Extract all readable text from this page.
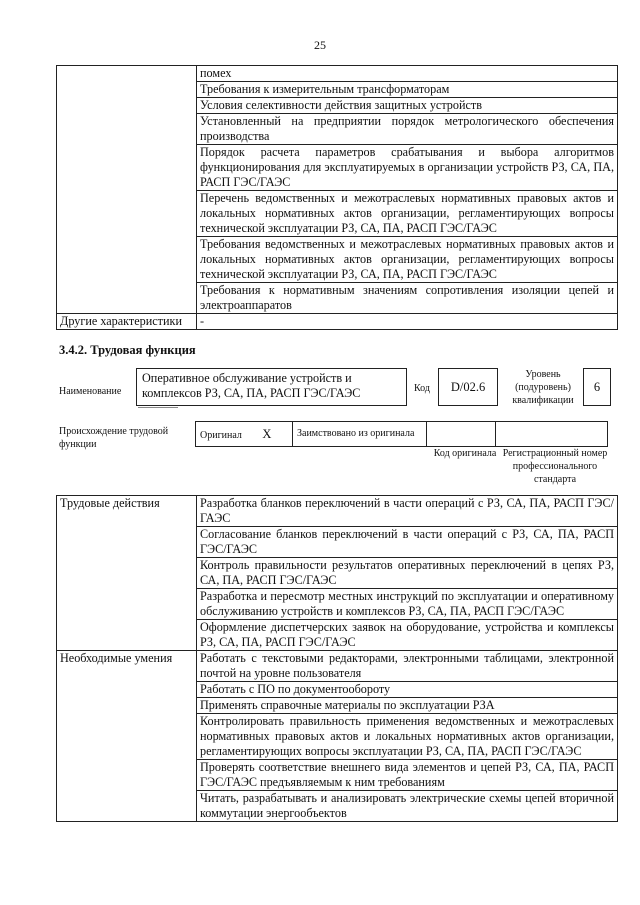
25
	помех
	Требования к измерительным трансформаторам
	Условия селективности действия защитных устройств
	Установленный на предприятии порядок метрологического обеспечения производства
	Порядок расчета параметров срабатывания и выбора алгоритмов функционирования для эксплуатируемых в организации устройств РЗ, СА, ПА, РАСП ГЭС/ГАЭС
	Перечень ведомственных и межотраслевых нормативных правовых актов и локальных нормативных актов организации, регламентирующих вопросы технической эксплуатации РЗ, СА, ПА, РАСП ГЭС/ГАЭС
	Требования ведомственных и межотраслевых нормативных правовых актов и локальных нормативных актов организации, регламентирующих вопросы технической эксплуатации РЗ, СА, ПА, РАСП ГЭС/ГАЭС
	Требования к нормативным значениям сопротивления изоляции цепей и электроаппаратов
Другие характеристики	-
3.4.2. Трудовая функция
Наименование
Оперативное обслуживание устройств и комплексов РЗ, СА, ПА, РАСП ГЭС/ГАЭС	Код	D/02.6
Уровень (подуровень) квалификации
6
Происхождение трудовой функции
Оригинал X	Заимствовано из оригинала		
Код оригинала Регистрационный номер профессионального стандарта
Трудовые действия	Разработка бланков переключений в части операций с РЗ, СА, ПА, РАСП ГЭС/ГАЭС
	Согласование бланков переключений в части операций с РЗ, СА, ПА, РАСП ГЭС/ГАЭС
	Контроль правильности результатов оперативных переключений в цепях РЗ, СА, ПА, РАСП ГЭС/ГАЭС
	Разработка и пересмотр местных инструкций по эксплуатации и оперативному обслуживанию устройств и комплексов РЗ, СА, ПА, РАСП ГЭС/ГАЭС
	Оформление диспетчерских заявок на оборудование, устройства и комплексы РЗ, СА, ПА, РАСП ГЭС/ГАЭС
Необходимые умения	Работать с текстовыми редакторами, электронными таблицами, электронной почтой на уровне пользователя
	Работать с ПО по документообороту
	Применять справочные материалы по эксплуатации РЗА
	Контролировать правильность применения ведомственных и межотраслевых нормативных правовых актов и локальных нормативных актов организации, регламентирующих вопросы эксплуатации РЗ, СА, ПА, РАСП ГЭС/ГАЭС
	Проверять соответствие внешнего вида элементов и цепей РЗ, СА, ПА, РАСП ГЭС/ГАЭС предъявляемым к ним требованиям
	Читать, разрабатывать и анализировать электрические схемы цепей вторичной коммутации энергообъектов
